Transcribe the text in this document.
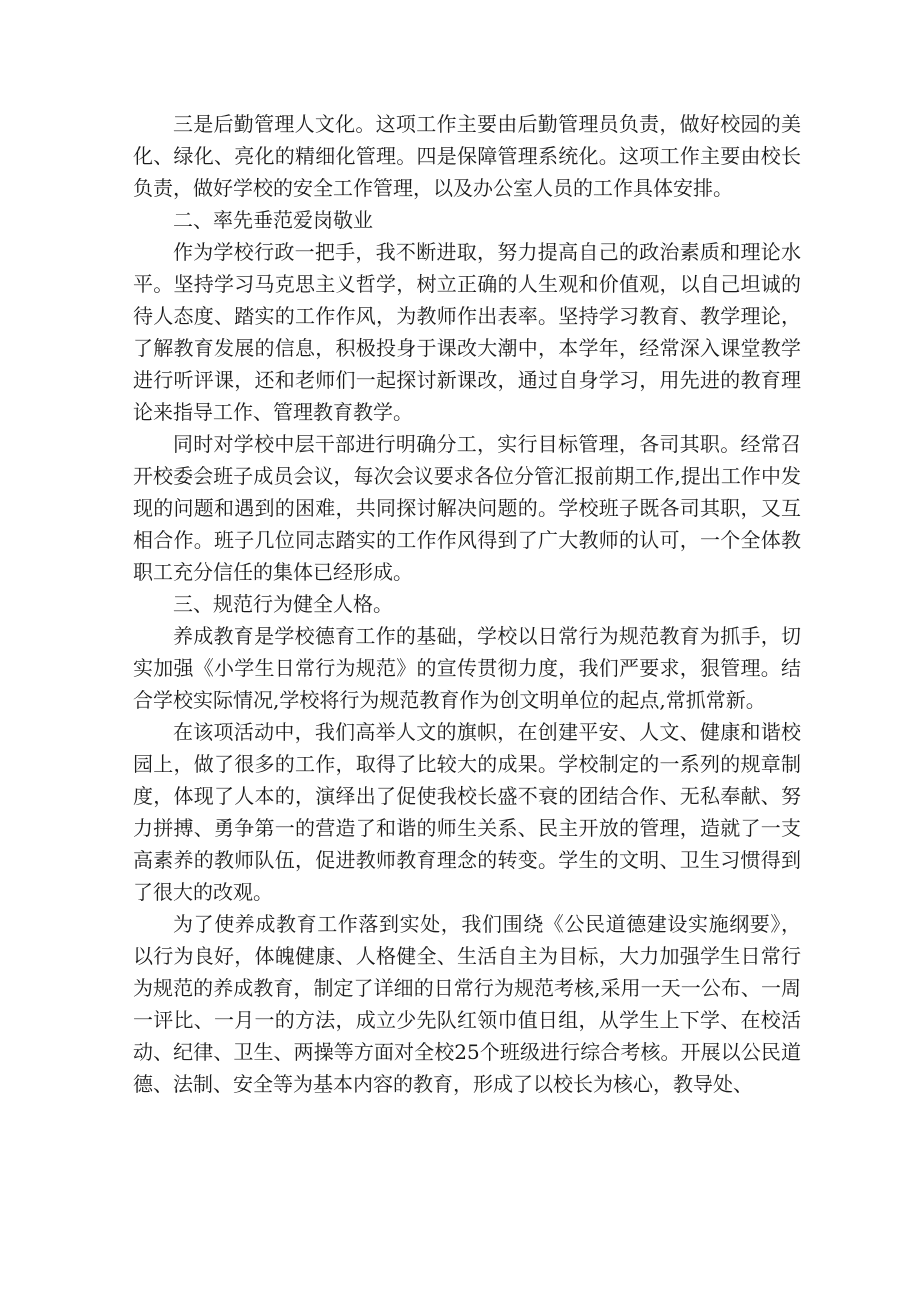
三是后勤管理人文化。这项工作主要由后勤管理员负责，做好校园的美化、绿化、亮化的精细化管理。四是保障管理系统化。这项工作主要由校长负责，做好学校的安全工作管理，以及办公室人员的工作具体安排。

二、率先垂范爱岗敬业

作为学校行政一把手，我不断进取，努力提高自己的政治素质和理论水平。坚持学习马克思主义哲学，树立正确的人生观和价值观，以自己坦诚的待人态度、踏实的工作作风，为教师作出表率。坚持学习教育、教学理论，了解教育发展的信息，积极投身于课改大潮中，本学年，经常深入课堂教学进行听评课，还和老师们一起探讨新课改，通过自身学习，用先进的教育理论来指导工作、管理教育教学。

同时对学校中层干部进行明确分工，实行目标管理，各司其职。经常召开校委会班子成员会议，每次会议要求各位分管汇报前期工作,提出工作中发现的问题和遇到的困难，共同探讨解决问题的。学校班子既各司其职，又互相合作。班子几位同志踏实的工作作风得到了广大教师的认可，一个全体教职工充分信任的集体已经形成。

三、规范行为健全人格。

养成教育是学校德育工作的基础，学校以日常行为规范教育为抓手，切实加强《小学生日常行为规范》的宣传贯彻力度，我们严要求，狠管理。结合学校实际情况,学校将行为规范教育作为创文明单位的起点,常抓常新。

在该项活动中，我们高举人文的旗帜，在创建平安、人文、健康和谐校园上，做了很多的工作，取得了比较大的成果。学校制定的一系列的规章制度，体现了人本的，演绎出了促使我校长盛不衰的团结合作、无私奉献、努力拼搏、勇争第一的营造了和谐的师生关系、民主开放的管理，造就了一支高素养的教师队伍，促进教师教育理念的转变。学生的文明、卫生习惯得到了很大的改观。

为了使养成教育工作落到实处，我们围绕《公民道德建设实施纲要》，以行为良好，体魄健康、人格健全、生活自主为目标，大力加强学生日常行为规范的养成教育，制定了详细的日常行为规范考核,采用一天一公布、一周一评比、一月一的方法，成立少先队红领巾值日组，从学生上下学、在校活动、纪律、卫生、两操等方面对全校25个班级进行综合考核。开展以公民道德、法制、安全等为基本内容的教育，形成了以校长为核心，教导处、
